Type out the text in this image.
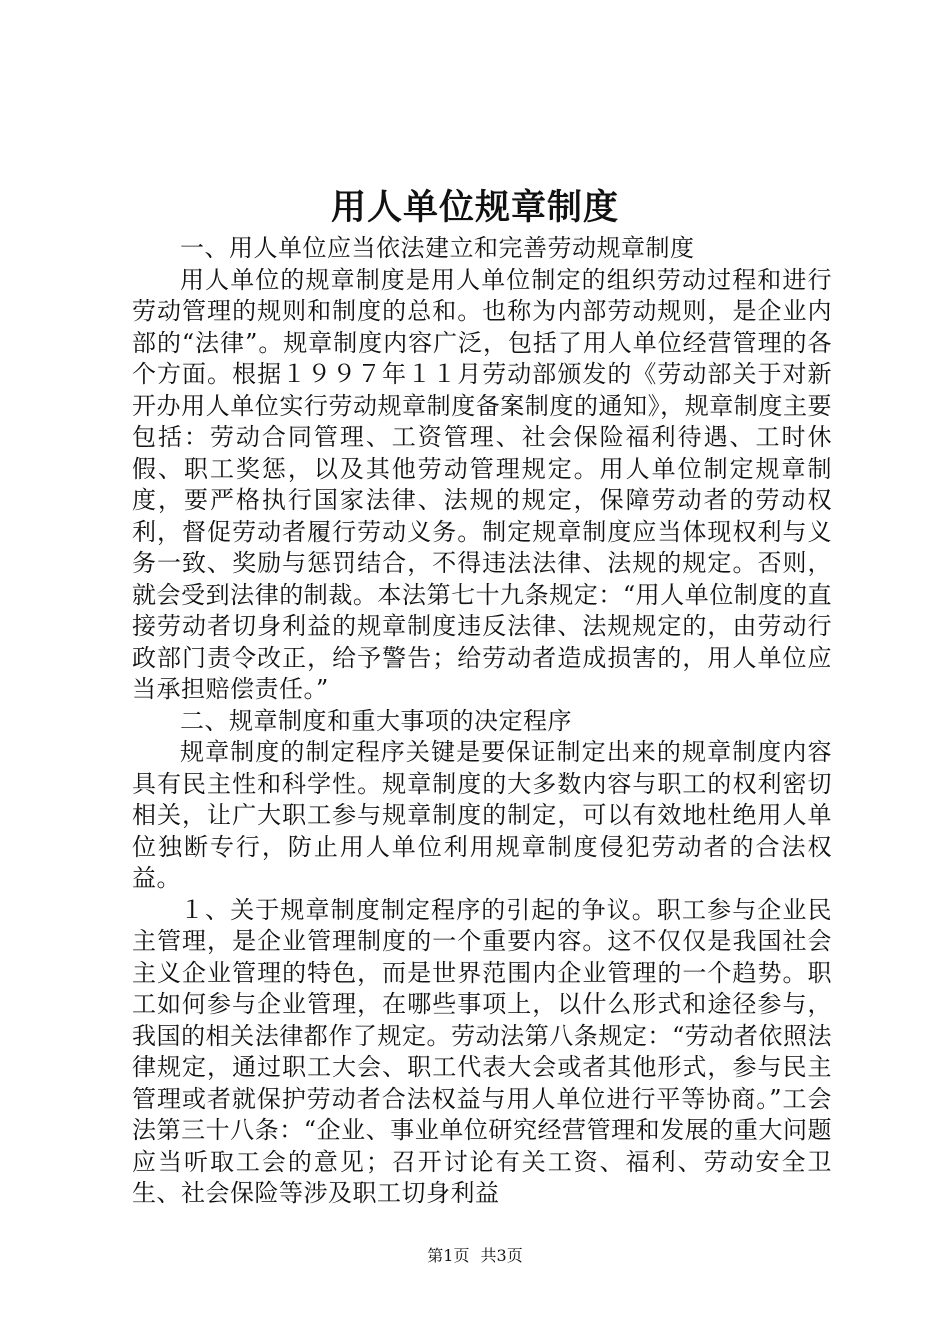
用人单位规章制度

一、用人单位应当依法建立和完善劳动规章制度

用人单位的规章制度是用人单位制定的组织劳动过程和进行劳动管理的规则和制度的总和。也称为内部劳动规则，是企业内部的“法律”。规章制度内容广泛，包括了用人单位经营管理的各个方面。根据１９９７年１１月劳动部颁发的《劳动部关于对新开办用人单位实行劳动规章制度备案制度的通知》，规章制度主要包括：劳动合同管理、工资管理、社会保险福利待遇、工时休假、职工奖惩，以及其他劳动管理规定。用人单位制定规章制度，要严格执行国家法律、法规的规定，保障劳动者的劳动权利，督促劳动者履行劳动义务。制定规章制度应当体现权利与义务一致、奖励与惩罚结合，不得违法法律、法规的规定。否则，就会受到法律的制裁。本法第七十九条规定：“用人单位制度的直接劳动者切身利益的规章制度违反法律、法规规定的，由劳动行政部门责令改正，给予警告；给劳动者造成损害的，用人单位应当承担赔偿责任。”

二、规章制度和重大事项的决定程序

规章制度的制定程序关键是要保证制定出来的规章制度内容具有民主性和科学性。规章制度的大多数内容与职工的权利密切相关，让广大职工参与规章制度的制定，可以有效地杜绝用人单位独断专行，防止用人单位利用规章制度侵犯劳动者的合法权益。

１、关于规章制度制定程序的引起的争议。职工参与企业民主管理，是企业管理制度的一个重要内容。这不仅仅是我国社会主义企业管理的特色，而是世界范围内企业管理的一个趋势。职工如何参与企业管理，在哪些事项上，以什么形式和途径参与，我国的相关法律都作了规定。劳动法第八条规定：“劳动者依照法律规定，通过职工大会、职工代表大会或者其他形式，参与民主管理或者就保护劳动者合法权益与用人单位进行平等协商。”工会法第三十八条：“企业、事业单位研究经营管理和发展的重大问题应当听取工会的意见；召开讨论有关工资、福利、劳动安全卫生、社会保险等涉及职工切身利益

第1页 共3页
